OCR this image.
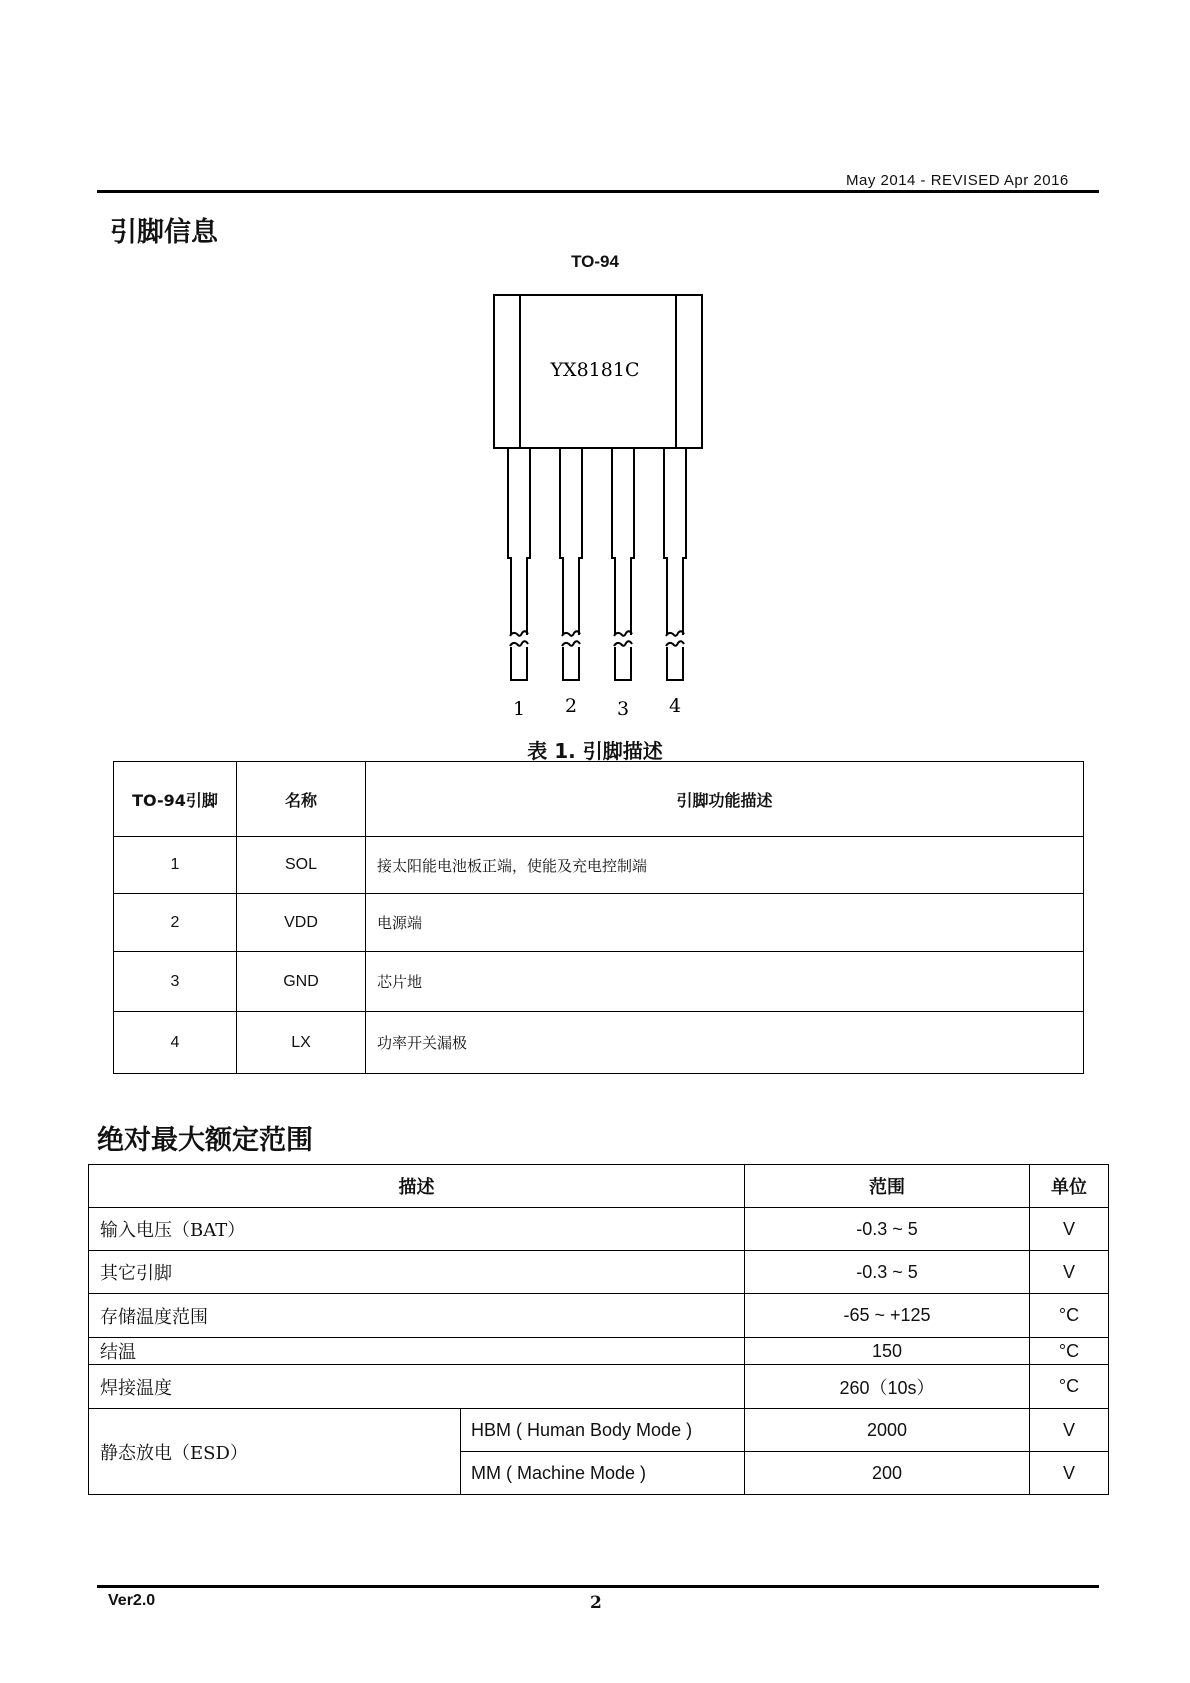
May 2014 - REVISED Apr 2016
引脚信息
TO-94
YX8181C
1 2 3 4
表 1. 引脚描述
TO-94引脚	名称	引脚功能描述
1	SOL	接太阳能电池板正端，使能及充电控制端
2	VDD	电源端
3	GND	芯片地
4	LX	功率开关漏极
绝对最大额定范围
描述		范围	单位
输入电压（BAT）		-0.3 ~ 5	V
其它引脚		-0.3 ~ 5	V
存储温度范围		-65 ~ +125	°C
结温		150	°C
焊接温度		260（10s）	°C
静态放电（ESD）	HBM ( Human Body Mode )	2000	V
	MM ( Machine Mode )	200	V
Ver2.0	2
